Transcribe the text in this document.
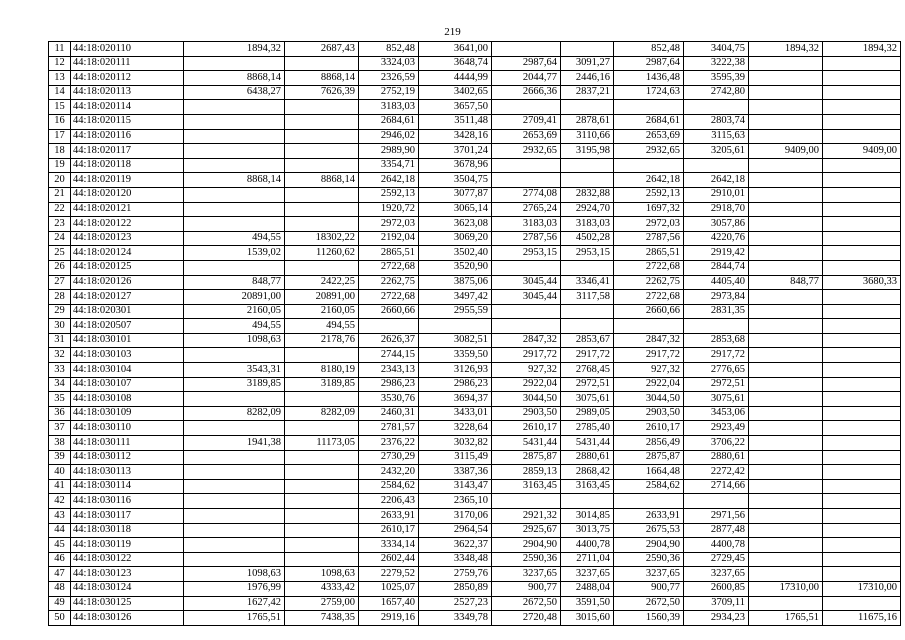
219
11	44:18:020110	1894,32	2687,43	852,48	3641,00			852,48	3404,75	1894,32	1894,32
12	44:18:020111			3324,03	3648,74	2987,64	3091,27	2987,64	3222,38		
13	44:18:020112	8868,14	8868,14	2326,59	4444,99	2044,77	2446,16	1436,48	3595,39		
14	44:18:020113	6438,27	7626,39	2752,19	3402,65	2666,36	2837,21	1724,63	2742,80		
15	44:18:020114			3183,03	3657,50						
16	44:18:020115			2684,61	3511,48	2709,41	2878,61	2684,61	2803,74		
17	44:18:020116			2946,02	3428,16	2653,69	3110,66	2653,69	3115,63		
18	44:18:020117			2989,90	3701,24	2932,65	3195,98	2932,65	3205,61	9409,00	9409,00
19	44:18:020118			3354,71	3678,96						
20	44:18:020119	8868,14	8868,14	2642,18	3504,75			2642,18	2642,18		
21	44:18:020120			2592,13	3077,87	2774,08	2832,88	2592,13	2910,01		
22	44:18:020121			1920,72	3065,14	2765,24	2924,70	1697,32	2918,70		
23	44:18:020122			2972,03	3623,08	3183,03	3183,03	2972,03	3057,86		
24	44:18:020123	494,55	18302,22	2192,04	3069,20	2787,56	4502,28	2787,56	4220,76		
25	44:18:020124	1539,02	11260,62	2865,51	3502,40	2953,15	2953,15	2865,51	2919,42		
26	44:18:020125			2722,68	3520,90			2722,68	2844,74		
27	44:18:020126	848,77	2422,25	2262,75	3875,06	3045,44	3346,41	2262,75	4405,40	848,77	3680,33
28	44:18:020127	20891,00	20891,00	2722,68	3497,42	3045,44	3117,58	2722,68	2973,84		
29	44:18:020301	2160,05	2160,05	2660,66	2955,59			2660,66	2831,35		
30	44:18:020507	494,55	494,55								
31	44:18:030101	1098,63	2178,76	2626,37	3082,51	2847,32	2853,67	2847,32	2853,68		
32	44:18:030103			2744,15	3359,50	2917,72	2917,72	2917,72	2917,72		
33	44:18:030104	3543,31	8180,19	2343,13	3126,93	927,32	2768,45	927,32	2776,65		
34	44:18:030107	3189,85	3189,85	2986,23	2986,23	2922,04	2972,51	2922,04	2972,51		
35	44:18:030108			3530,76	3694,37	3044,50	3075,61	3044,50	3075,61		
36	44:18:030109	8282,09	8282,09	2460,31	3433,01	2903,50	2989,05	2903,50	3453,06		
37	44:18:030110			2781,57	3228,64	2610,17	2785,40	2610,17	2923,49		
38	44:18:030111	1941,38	11173,05	2376,22	3032,82	5431,44	5431,44	2856,49	3706,22		
39	44:18:030112			2730,29	3115,49	2875,87	2880,61	2875,87	2880,61		
40	44:18:030113			2432,20	3387,36	2859,13	2868,42	1664,48	2272,42		
41	44:18:030114			2584,62	3143,47	3163,45	3163,45	2584,62	2714,66		
42	44:18:030116			2206,43	2365,10						
43	44:18:030117			2633,91	3170,06	2921,32	3014,85	2633,91	2971,56		
44	44:18:030118			2610,17	2964,54	2925,67	3013,75	2675,53	2877,48		
45	44:18:030119			3334,14	3622,37	2904,90	4400,78	2904,90	4400,78		
46	44:18:030122			2602,44	3348,48	2590,36	2711,04	2590,36	2729,45		
47	44:18:030123	1098,63	1098,63	2279,52	2759,76	3237,65	3237,65	3237,65	3237,65		
48	44:18:030124	1976,99	4333,42	1025,07	2850,89	900,77	2488,04	900,77	2600,85	17310,00	17310,00
49	44:18:030125	1627,42	2759,00	1657,40	2527,23	2672,50	3591,50	2672,50	3709,11		
50	44:18:030126	1765,51	7438,35	2919,16	3349,78	2720,48	3015,60	1560,39	2934,23	1765,51	11675,16
